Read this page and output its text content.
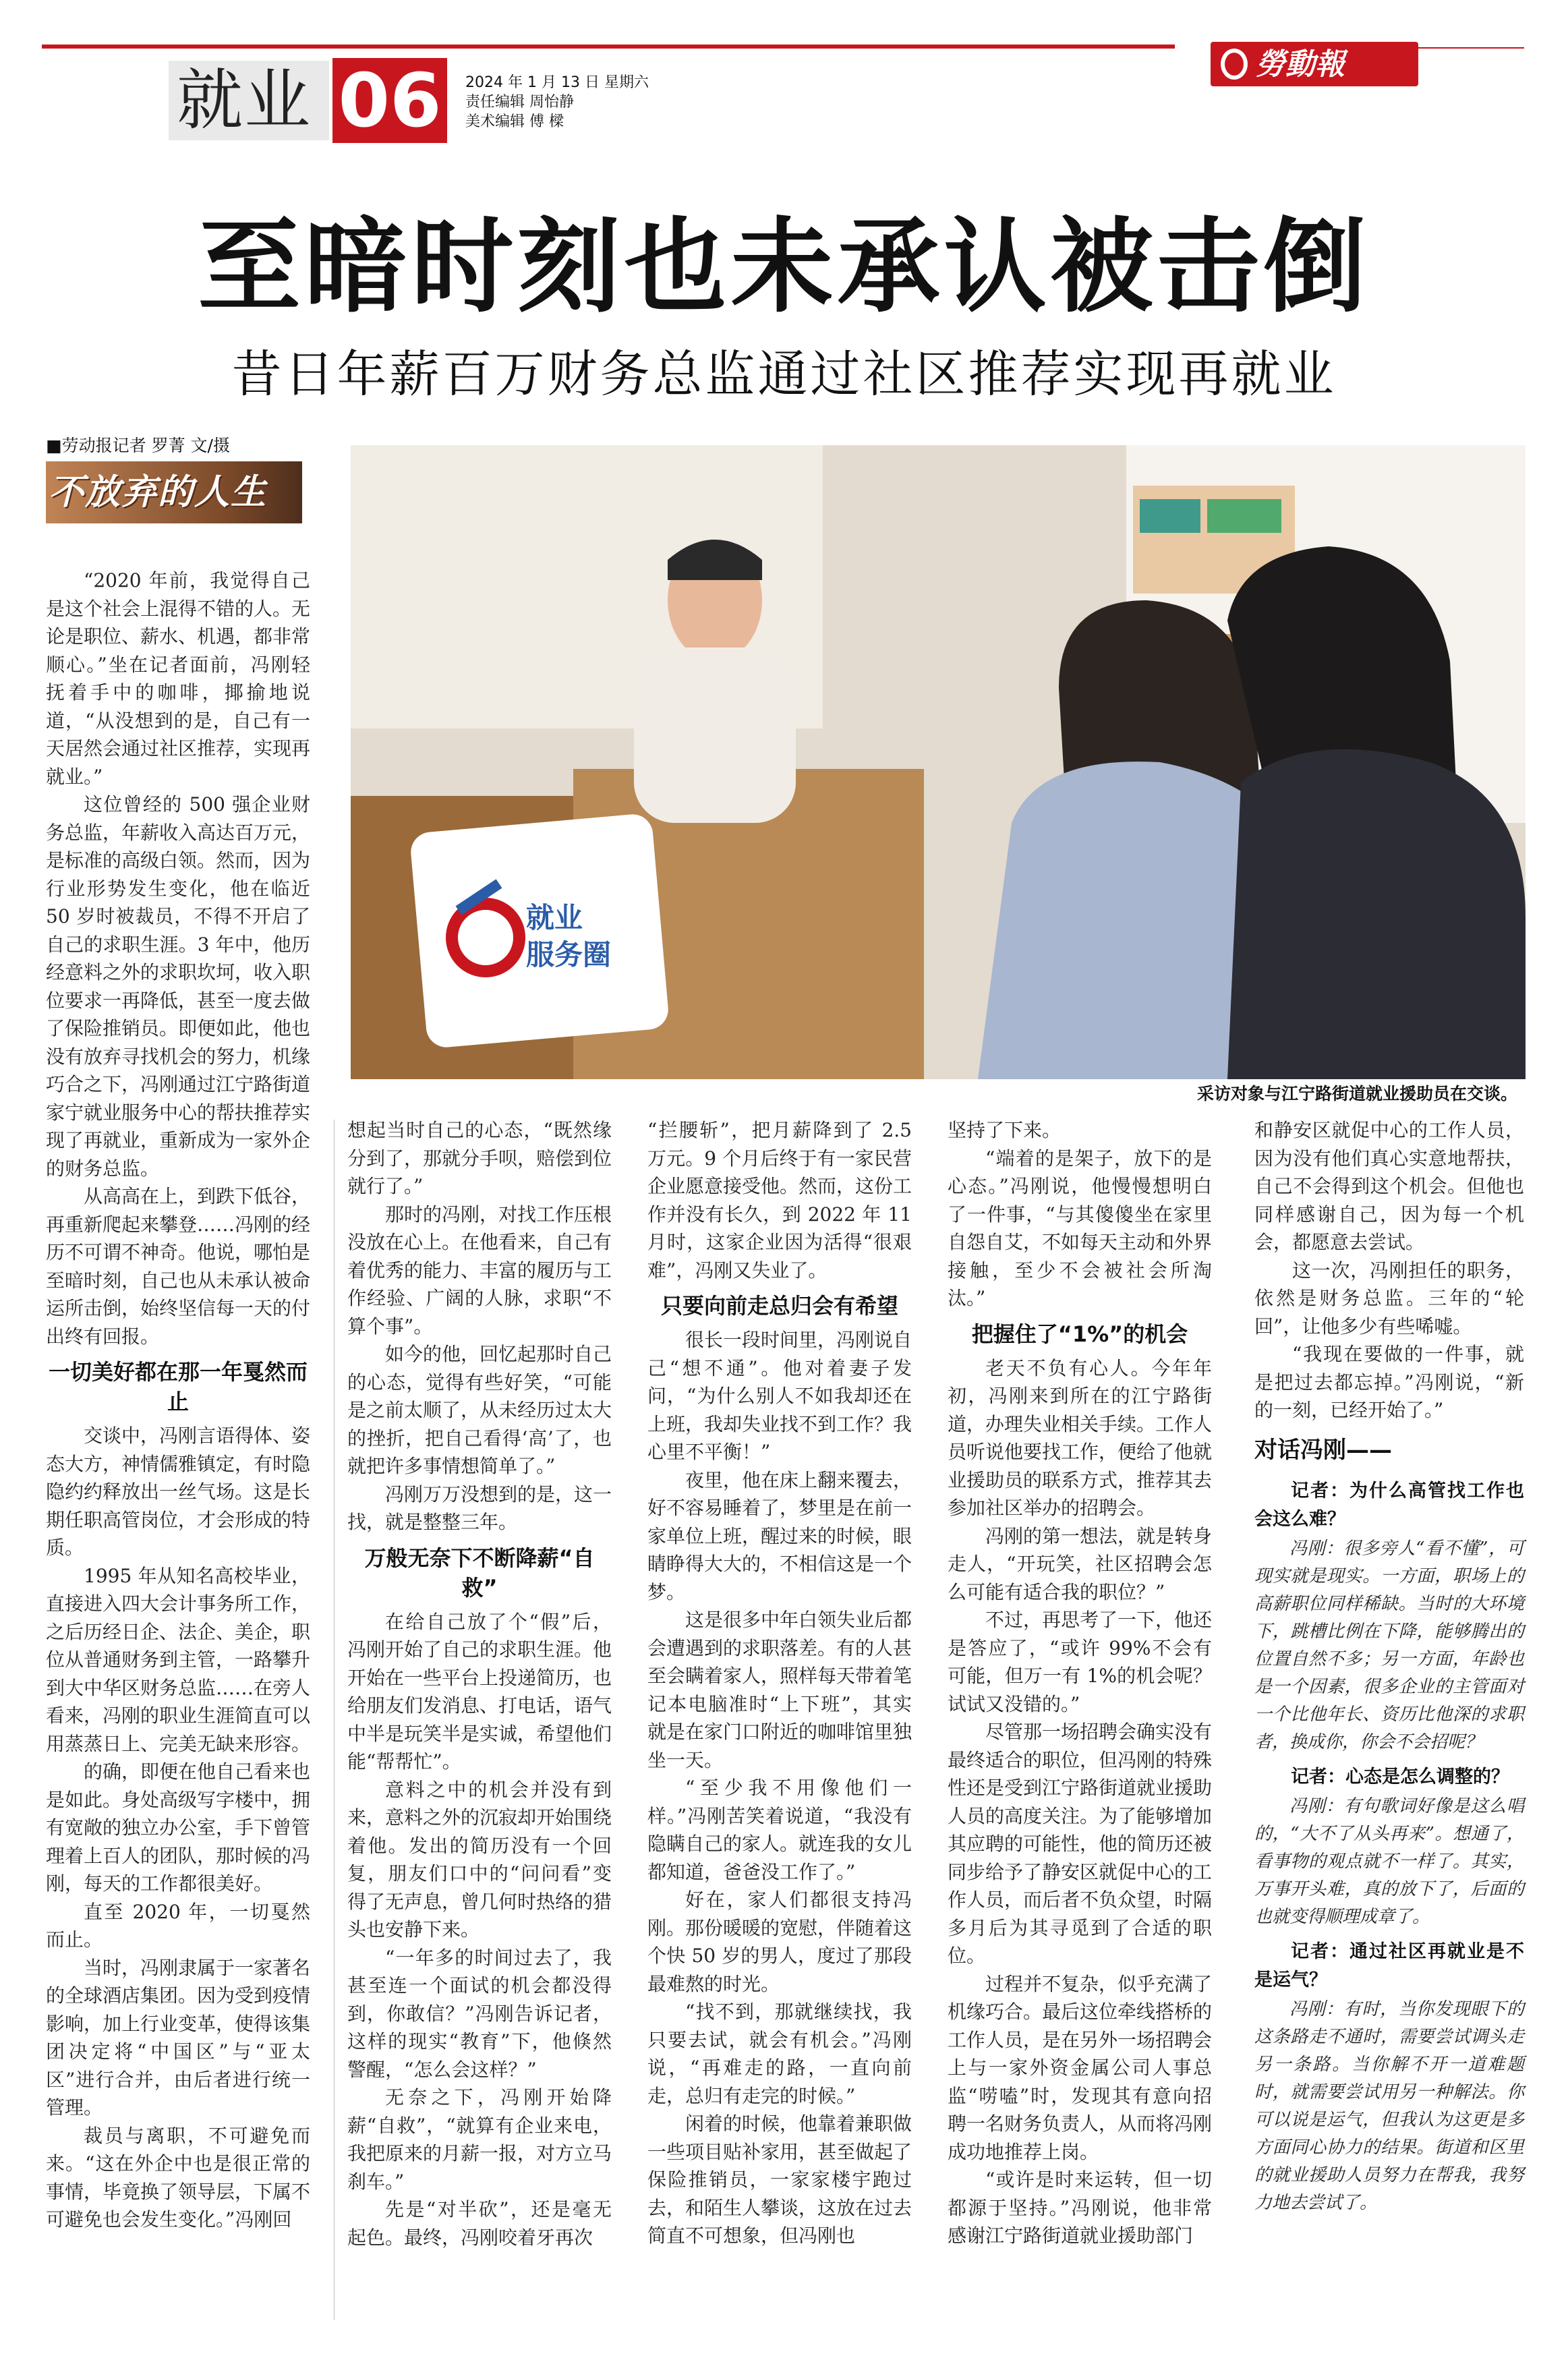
就业 06	2024 年 1 月 13 日 星期六
责任编辑 周怡静
美术编辑 傅 樑
勞動報
至暗时刻也未承认被击倒
昔日年薪百万财务总监通过社区推荐实现再就业
■劳动报记者 罗菁 文/摄
不放弃的人生
就业
服务圈
采访对象与江宁路街道就业援助员在交谈。

“2020 年前，我觉得自己是这个社会上混得不错的人。无论是职位、薪水、机遇，都非常顺心。”坐在记者面前，冯刚轻抚着手中的咖啡，揶揄地说道，“从没想到的是，自己有一天居然会通过社区推荐，实现再就业。”

这位曾经的 500 强企业财务总监，年薪收入高达百万元，是标准的高级白领。然而，因为行业形势发生变化，他在临近 50 岁时被裁员，不得不开启了自己的求职生涯。3 年中，他历经意料之外的求职坎坷，收入职位要求一再降低，甚至一度去做了保险推销员。即便如此，他也没有放弃寻找机会的努力，机缘巧合之下，冯刚通过江宁路街道家宁就业服务中心的帮扶推荐实现了再就业，重新成为一家外企的财务总监。

从高高在上，到跌下低谷，再重新爬起来攀登……冯刚的经历不可谓不神奇。他说，哪怕是至暗时刻，自己也从未承认被命运所击倒，始终坚信每一天的付出终有回报。

一切美好都在那一年戛然而止

交谈中，冯刚言语得体、姿态大方，神情儒雅镇定，有时隐隐约约释放出一丝气场。这是长期任职高管岗位，才会形成的特质。

1995 年从知名高校毕业，直接进入四大会计事务所工作，之后历经日企、法企、美企，职位从普通财务到主管，一路攀升到大中华区财务总监……在旁人看来，冯刚的职业生涯简直可以用蒸蒸日上、完美无缺来形容。

的确，即便在他自己看来也是如此。身处高级写字楼中，拥有宽敞的独立办公室，手下曾管理着上百人的团队，那时候的冯刚，每天的工作都很美好。

直至 2020 年，一切戛然而止。

当时，冯刚隶属于一家著名的全球酒店集团。因为受到疫情影响，加上行业变革，使得该集团决定将“中国区”与“亚太区”进行合并，由后者进行统一管理。

裁员与离职，不可避免而来。“这在外企中也是很正常的事情，毕竟换了领导层，下属不可避免也会发生变化。”冯刚回

想起当时自己的心态，“既然缘分到了，那就分手呗，赔偿到位就行了。”

那时的冯刚，对找工作压根没放在心上。在他看来，自己有着优秀的能力、丰富的履历与工作经验、广阔的人脉，求职“不算个事”。

如今的他，回忆起那时自己的心态，觉得有些好笑，“可能是之前太顺了，从未经历过太大的挫折，把自己看得‘高’了，也就把许多事情想简单了。”

冯刚万万没想到的是，这一找，就是整整三年。

万般无奈下不断降薪“自救”

在给自己放了个“假”后，冯刚开始了自己的求职生涯。他开始在一些平台上投递简历，也给朋友们发消息、打电话，语气中半是玩笑半是实诚，希望他们能“帮帮忙”。

意料之中的机会并没有到来，意料之外的沉寂却开始围绕着他。发出的简历没有一个回复，朋友们口中的“问问看”变得了无声息，曾几何时热络的猎头也安静下来。

“一年多的时间过去了，我甚至连一个面试的机会都没得到，你敢信？”冯刚告诉记者，这样的现实“教育”下，他倏然警醒，“怎么会这样？”

无奈之下，冯刚开始降薪“自救”，“就算有企业来电，我把原来的月薪一报，对方立马刹车。”

先是“对半砍”，还是毫无起色。最终，冯刚咬着牙再次

“拦腰斩”，把月薪降到了 2.5 万元。9 个月后终于有一家民营企业愿意接受他。然而，这份工作并没有长久，到 2022 年 11 月时，这家企业因为活得“很艰难”，冯刚又失业了。

只要向前走总归会有希望

很长一段时间里，冯刚说自己“想不通”。他对着妻子发问，“为什么别人不如我却还在上班，我却失业找不到工作？我心里不平衡！”

夜里，他在床上翻来覆去，好不容易睡着了，梦里是在前一家单位上班，醒过来的时候，眼睛睁得大大的，不相信这是一个梦。

这是很多中年白领失业后都会遭遇到的求职落差。有的人甚至会瞒着家人，照样每天带着笔记本电脑准时“上下班”，其实就是在家门口附近的咖啡馆里独坐一天。

“至少我不用像他们一样。”冯刚苦笑着说道，“我没有隐瞒自己的家人。就连我的女儿都知道，爸爸没工作了。”

好在，家人们都很支持冯刚。那份暖暖的宽慰，伴随着这个快 50 岁的男人，度过了那段最难熬的时光。

“找不到，那就继续找，我只要去试，就会有机会。”冯刚说，“再难走的路，一直向前走，总归有走完的时候。”

闲着的时候，他靠着兼职做一些项目贴补家用，甚至做起了保险推销员，一家家楼宇跑过去，和陌生人攀谈，这放在过去简直不可想象，但冯刚也

坚持了下来。

“端着的是架子，放下的是心态。”冯刚说，他慢慢想明白了一件事，“与其傻傻坐在家里自怨自艾，不如每天主动和外界接触，至少不会被社会所淘汰。”

把握住了“1%”的机会

老天不负有心人。今年年初，冯刚来到所在的江宁路街道，办理失业相关手续。工作人员听说他要找工作，便给了他就业援助员的联系方式，推荐其去参加社区举办的招聘会。

冯刚的第一想法，就是转身走人，“开玩笑，社区招聘会怎么可能有适合我的职位？”

不过，再思考了一下，他还是答应了，“或许 99%不会有可能，但万一有 1%的机会呢？试试又没错的。”

尽管那一场招聘会确实没有最终适合的职位，但冯刚的特殊性还是受到江宁路街道就业援助人员的高度关注。为了能够增加其应聘的可能性，他的简历还被同步给予了静安区就促中心的工作人员，而后者不负众望，时隔多月后为其寻觅到了合适的职位。

过程并不复杂，似乎充满了机缘巧合。最后这位牵线搭桥的工作人员，是在另外一场招聘会上与一家外资金属公司人事总监“唠嗑”时，发现其有意向招聘一名财务负责人，从而将冯刚成功地推荐上岗。

“或许是时来运转，但一切都源于坚持。”冯刚说，他非常感谢江宁路街道就业援助部门

和静安区就促中心的工作人员，因为没有他们真心实意地帮扶，自己不会得到这个机会。但他也同样感谢自己，因为每一个机会，都愿意去尝试。

这一次，冯刚担任的职务，依然是财务总监。三年的“轮回”，让他多少有些唏嘘。

“我现在要做的一件事，就是把过去都忘掉。”冯刚说，“新的一刻，已经开始了。”

对话冯刚——
记者：为什么高管找工作也会这么难？
冯刚：很多旁人“看不懂”，可现实就是现实。一方面，职场上的高薪职位同样稀缺。当时的大环境下，跳槽比例在下降，能够腾出的位置自然不多；另一方面，年龄也是一个因素，很多企业的主管面对一个比他年长、资历比他深的求职者，换成你，你会不会招呢？
记者：心态是怎么调整的？
冯刚：有句歌词好像是这么唱的，“大不了从头再来”。想通了，看事物的观点就不一样了。其实，万事开头难，真的放下了，后面的也就变得顺理成章了。
记者：通过社区再就业是不是运气？
冯刚：有时，当你发现眼下的这条路走不通时，需要尝试调头走另一条路。当你解不开一道难题时，就需要尝试用另一种解法。你可以说是运气，但我认为这更是多方面同心协力的结果。街道和区里的就业援助人员努力在帮我，我努力地去尝试了。
